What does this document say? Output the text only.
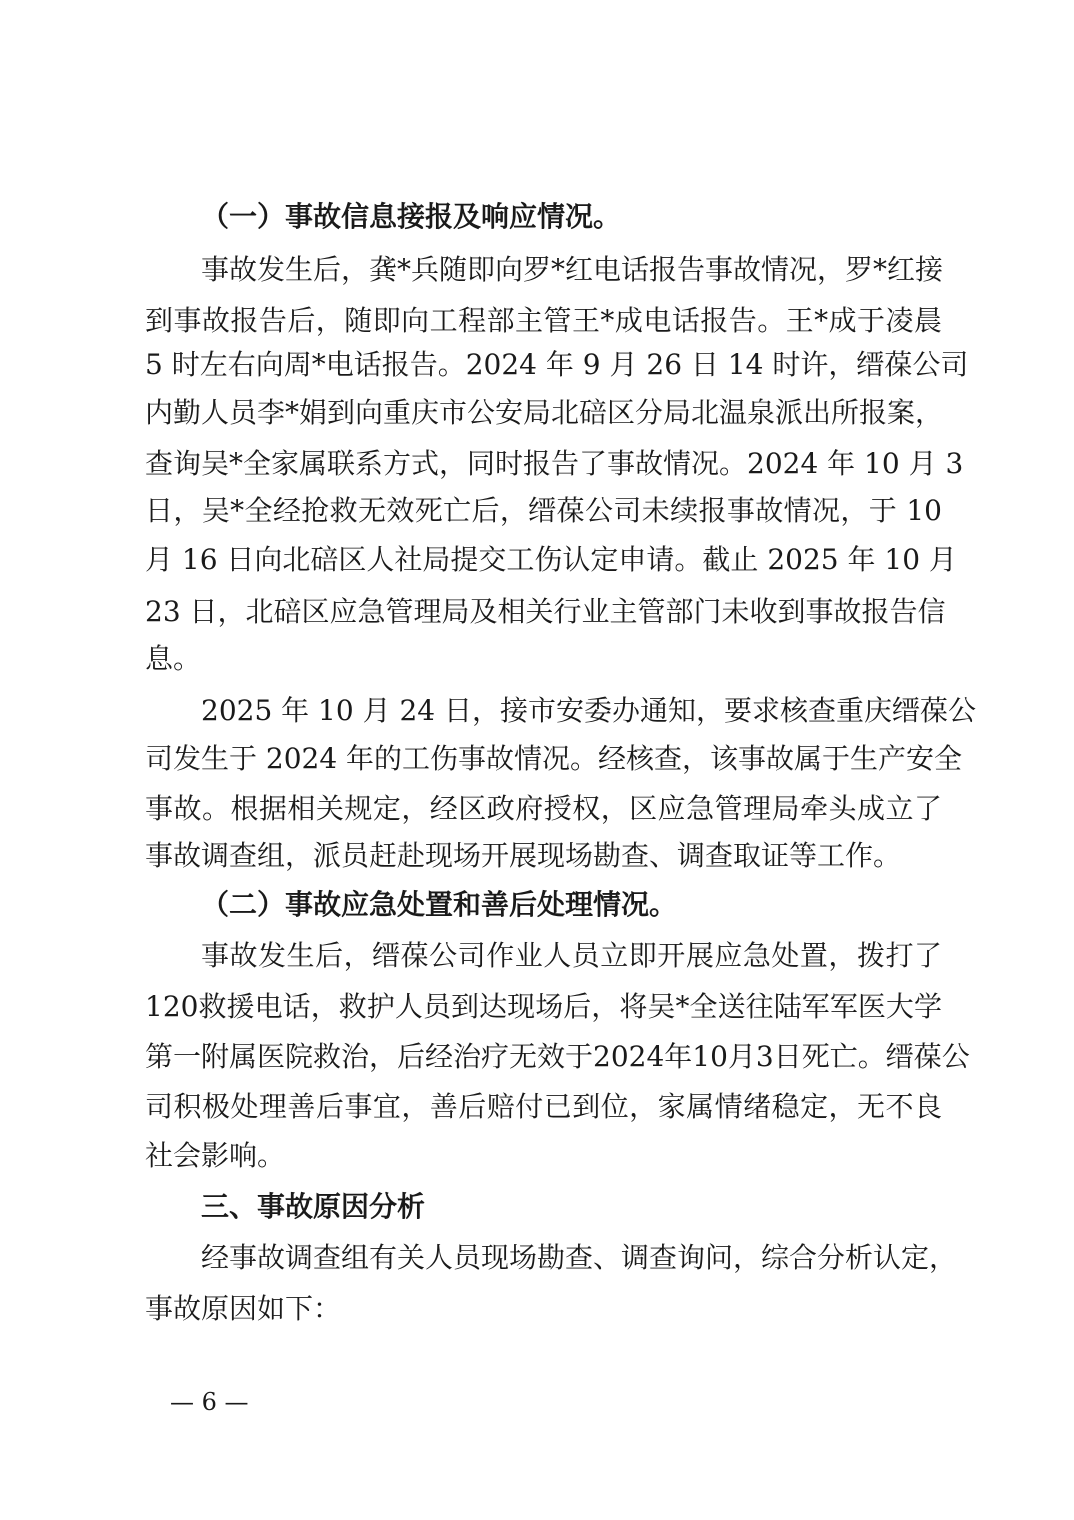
（一）事故信息接报及响应情况。
事故发生后，龚*兵随即向罗*红电话报告事故情况，罗*红接
到事故报告后，随即向工程部主管王*成电话报告。王*成于凌晨
5 时左右向周*电话报告。2024 年 9 月 26 日 14 时许，缙葆公司
内勤人员李*娟到向重庆市公安局北碚区分局北温泉派出所报案，
查询吴*全家属联系方式，同时报告了事故情况。2024 年 10 月 3
日，吴*全经抢救无效死亡后，缙葆公司未续报事故情况，于 10
月 16 日向北碚区人社局提交工伤认定申请。截止 2025 年 10 月
23 日，北碚区应急管理局及相关行业主管部门未收到事故报告信
息。
2025 年 10 月 24 日，接市安委办通知，要求核查重庆缙葆公
司发生于 2024 年的工伤事故情况。经核查，该事故属于生产安全
事故。根据相关规定，经区政府授权，区应急管理局牵头成立了
事故调查组，派员赶赴现场开展现场勘查、调查取证等工作。
（二）事故应急处置和善后处理情况。
事故发生后，缙葆公司作业人员立即开展应急处置，拨打了
120救援电话，救护人员到达现场后，将吴*全送往陆军军医大学
第一附属医院救治，后经治疗无效于2024年10月3日死亡。缙葆公
司积极处理善后事宜，善后赔付已到位，家属情绪稳定，无不良
社会影响。
三、事故原因分析
经事故调查组有关人员现场勘查、调查询问，综合分析认定，
事故原因如下：
— 6 —
